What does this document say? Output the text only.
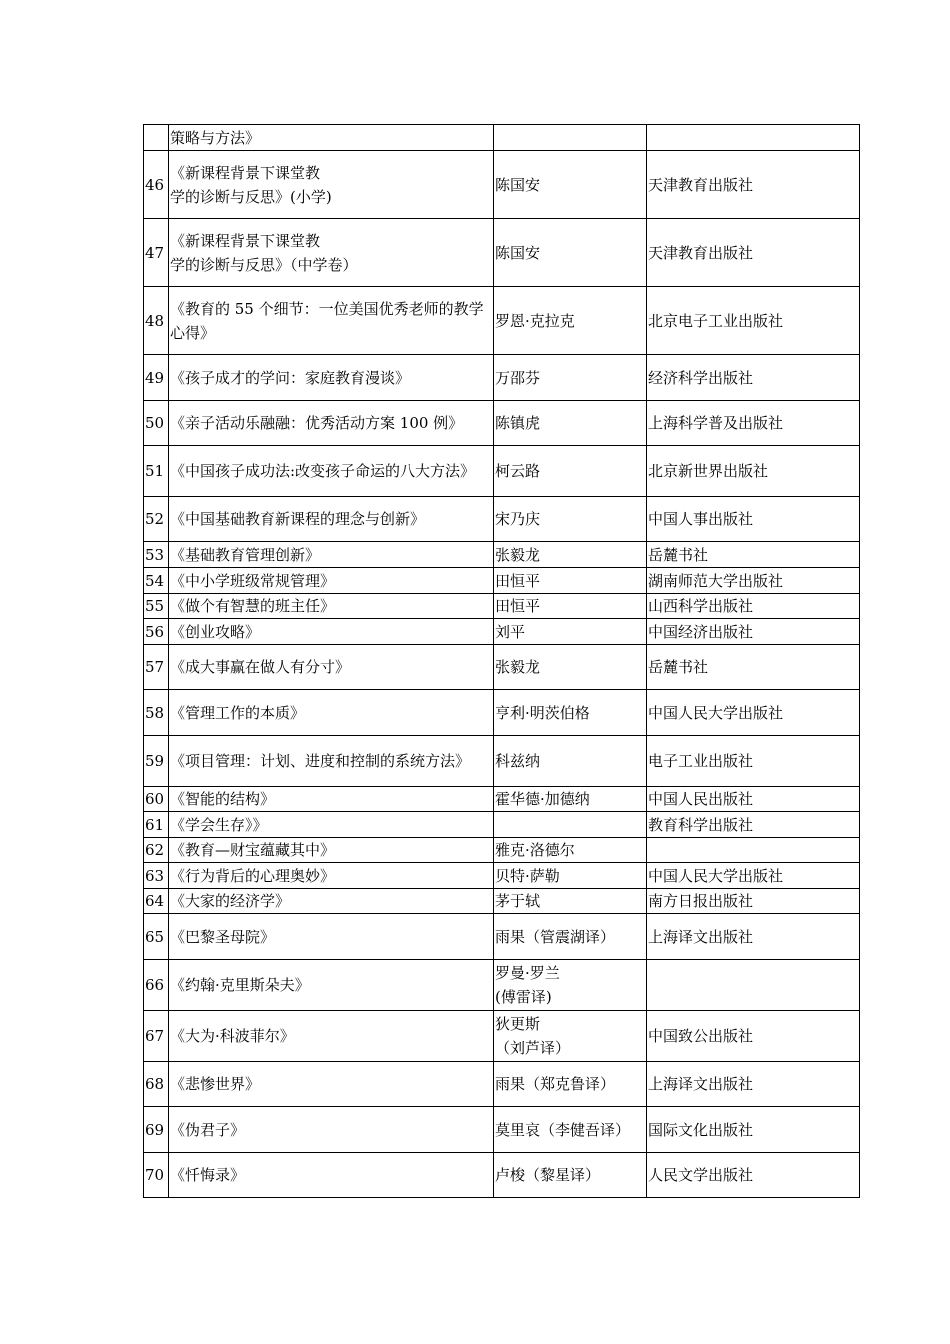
	策略与方法》		
46	《新课程背景下课堂教
学的诊断与反思》(小学)	陈国安	天津教育出版社
47	《新课程背景下课堂教
学的诊断与反思》（中学卷）	陈国安	天津教育出版社
48	《教育的 55 个细节：一位美国优秀老师的教学心得》	罗恩·克拉克	北京电子工业出版社
49	《孩子成才的学问：家庭教育漫谈》	万邵芬	经济科学出版社
50	《亲子活动乐融融：优秀活动方案 100 例》	陈镇虎	上海科学普及出版社
51	《中国孩子成功法:改变孩子命运的八大方法》	柯云路	北京新世界出版社
52	《中国基础教育新课程的理念与创新》	宋乃庆	中国人事出版社
53	《基础教育管理创新》	张毅龙	岳麓书社
54	《中小学班级常规管理》	田恒平	湖南师范大学出版社
55	《做个有智慧的班主任》	田恒平	山西科学出版社
56	《创业攻略》	刘平	中国经济出版社
57	《成大事赢在做人有分寸》	张毅龙	岳麓书社
58	《管理工作的本质》	亨利·明茨伯格	中国人民大学出版社
59	《项目管理：计划、进度和控制的系统方法》	科兹纳	电子工业出版社
60	《智能的结构》	霍华德·加德纳	中国人民出版社
61	《学会生存》》		教育科学出版社
62	《教育—财宝蕴藏其中》	雅克·洛德尔	
63	《行为背后的心理奥妙》	贝特·萨勒	中国人民大学出版社
64	《大家的经济学》	茅于轼	南方日报出版社
65	《巴黎圣母院》	雨果（管震湖译）	上海译文出版社
66	《约翰·克里斯朵夫》	罗曼·罗兰
(傅雷译)	
67	《大为·科波菲尔》	狄更斯
（刘芦译）	中国致公出版社
68	《悲惨世界》	雨果（郑克鲁译）	上海译文出版社
69	《伪君子》	莫里哀（李健吾译）	国际文化出版社
70	《忏悔录》	卢梭（黎星译）	人民文学出版社
